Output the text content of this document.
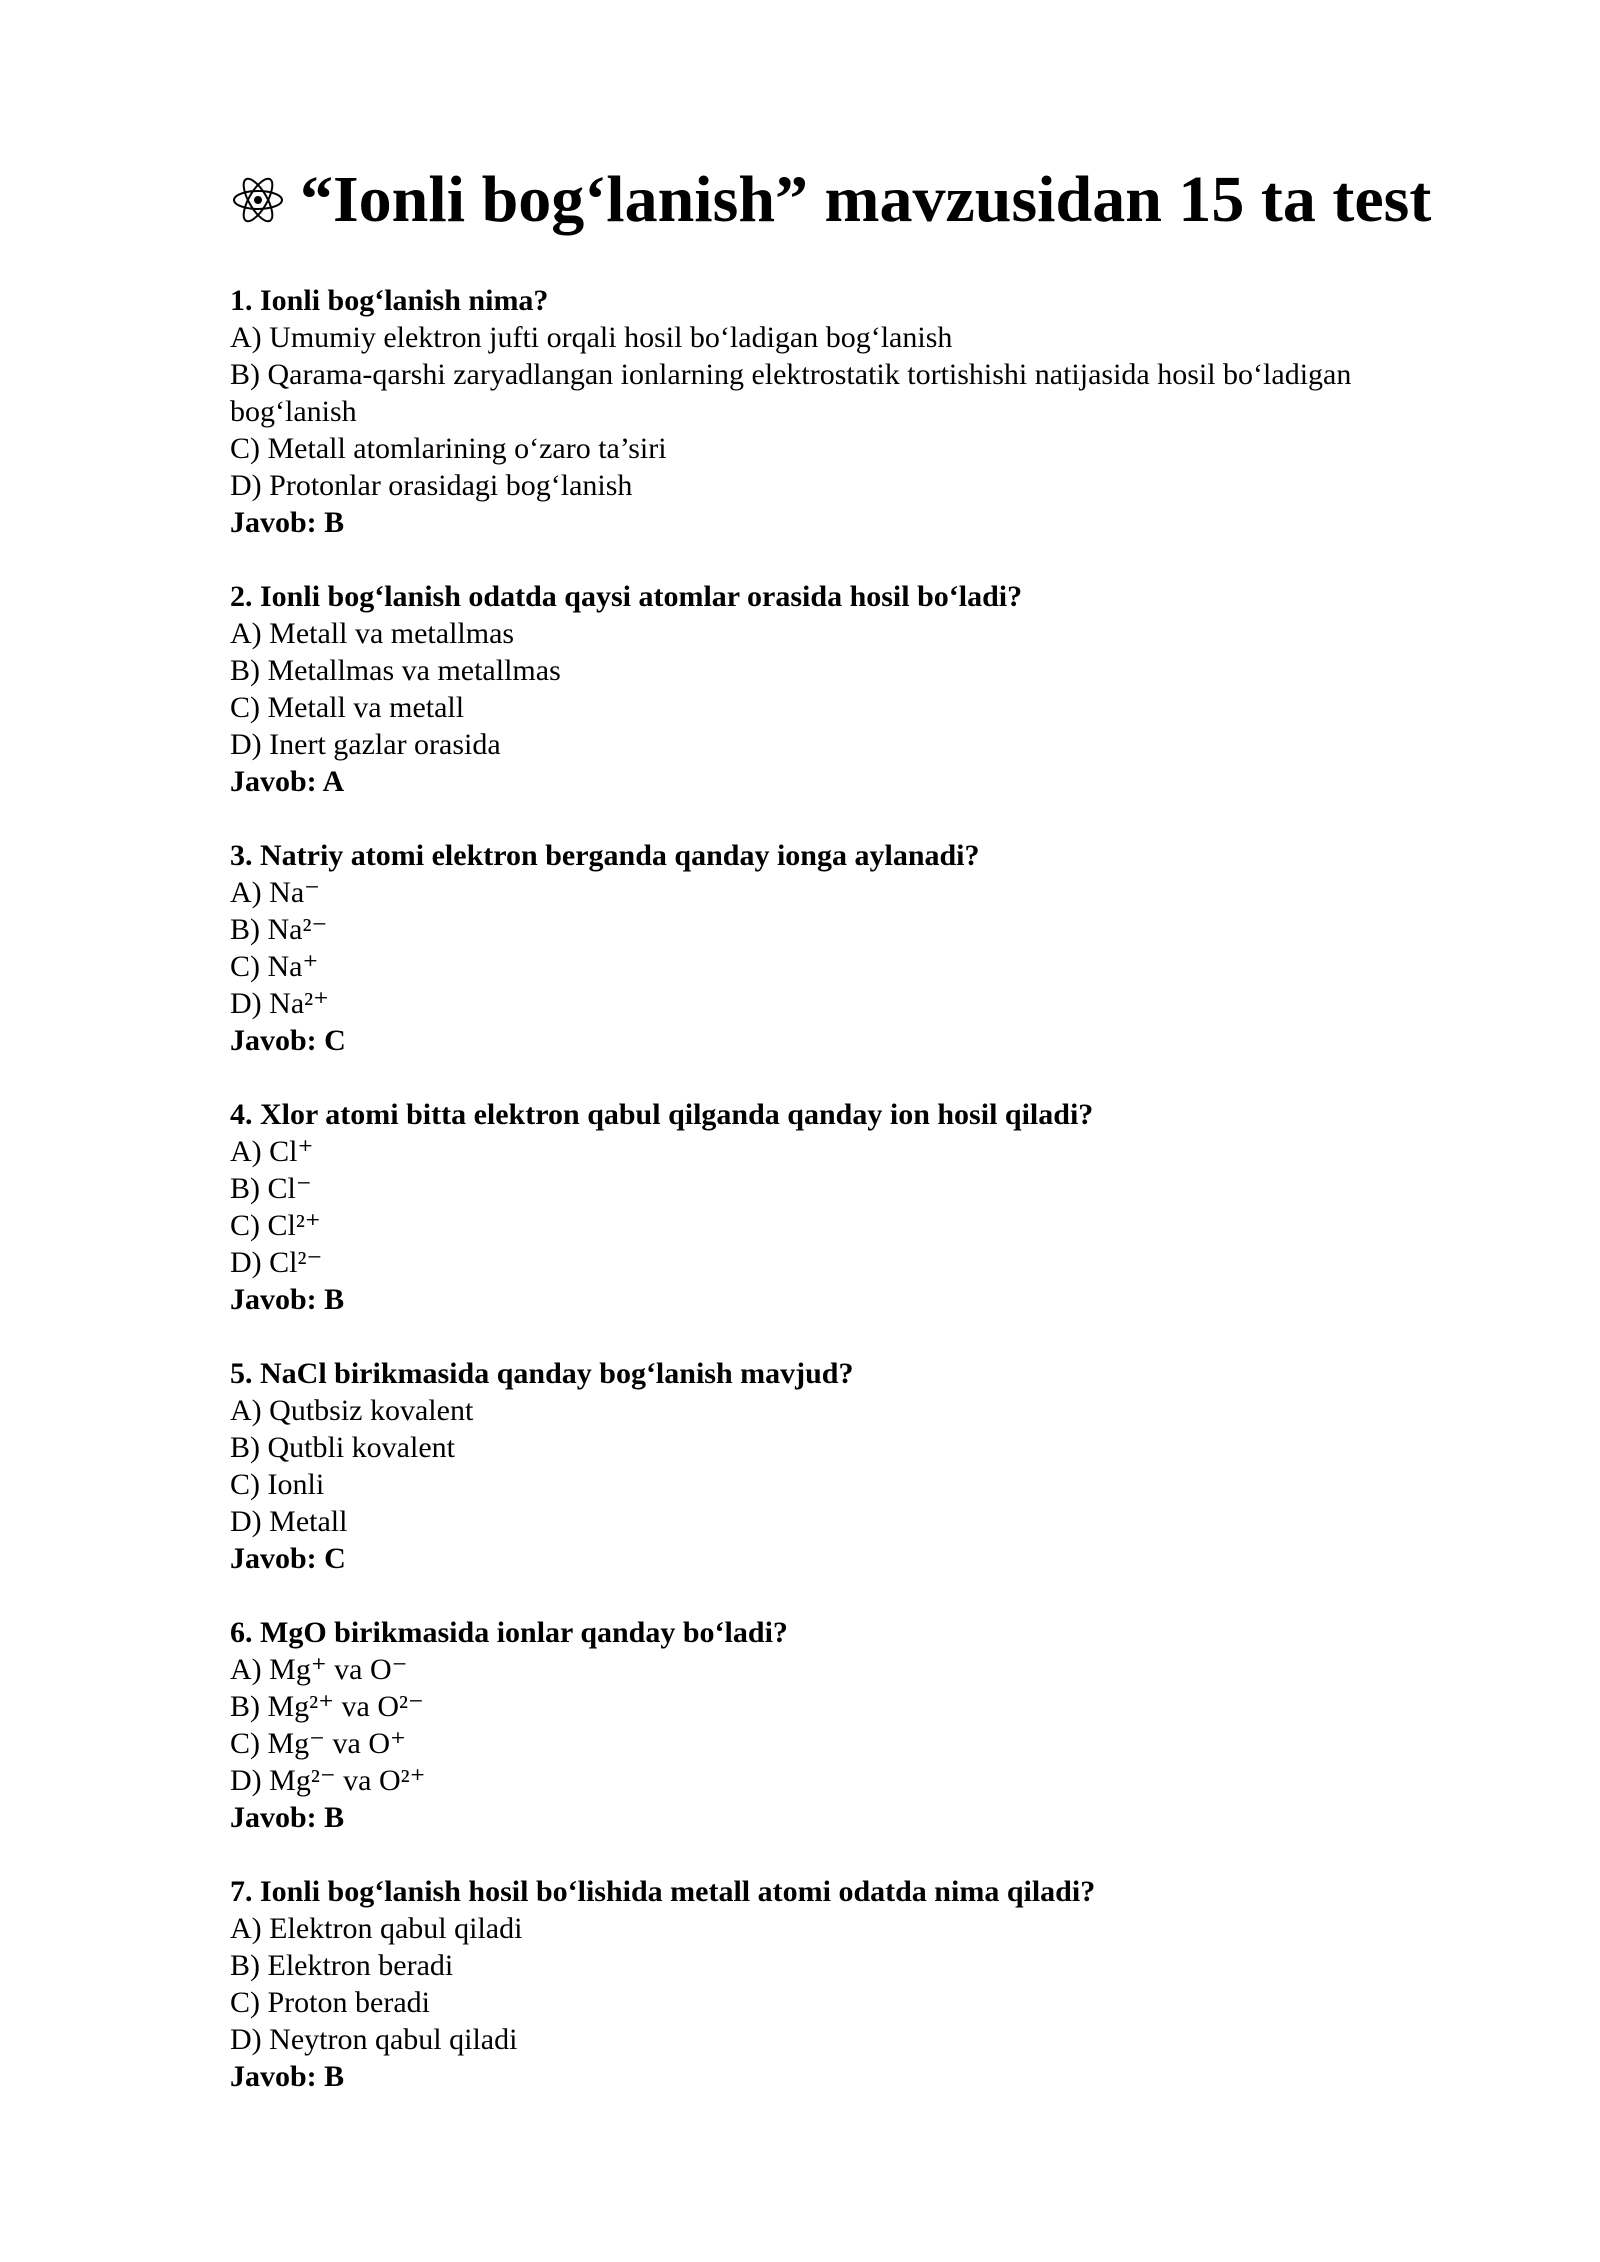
“Ionli bog‘lanish” mavzusidan 15 ta test

1. Ionli bog‘lanish nima?

A) Umumiy elektron jufti orqali hosil bo‘ladigan bog‘lanish

B) Qarama-qarshi zaryadlangan ionlarning elektrostatik tortishishi natijasida hosil bo‘ladigan bog‘lanish

C) Metall atomlarining o‘zaro ta’siri

D) Protonlar orasidagi bog‘lanish

Javob: B

2. Ionli bog‘lanish odatda qaysi atomlar orasida hosil bo‘ladi?

A) Metall va metallmas

B) Metallmas va metallmas

C) Metall va metall

D) Inert gazlar orasida

Javob: A

3. Natriy atomi elektron berganda qanday ionga aylanadi?

A) Na⁻

B) Na²⁻

C) Na⁺

D) Na²⁺

Javob: C

4. Xlor atomi bitta elektron qabul qilganda qanday ion hosil qiladi?

A) Cl⁺

B) Cl⁻

C) Cl²⁺

D) Cl²⁻

Javob: B

5. NaCl birikmasida qanday bog‘lanish mavjud?

A) Qutbsiz kovalent

B) Qutbli kovalent

C) Ionli

D) Metall

Javob: C

6. MgO birikmasida ionlar qanday bo‘ladi?

A) Mg⁺ va O⁻

B) Mg²⁺ va O²⁻

C) Mg⁻ va O⁺

D) Mg²⁻ va O²⁺

Javob: B

7. Ionli bog‘lanish hosil bo‘lishida metall atomi odatda nima qiladi?

A) Elektron qabul qiladi

B) Elektron beradi

C) Proton beradi

D) Neytron qabul qiladi

Javob: B
